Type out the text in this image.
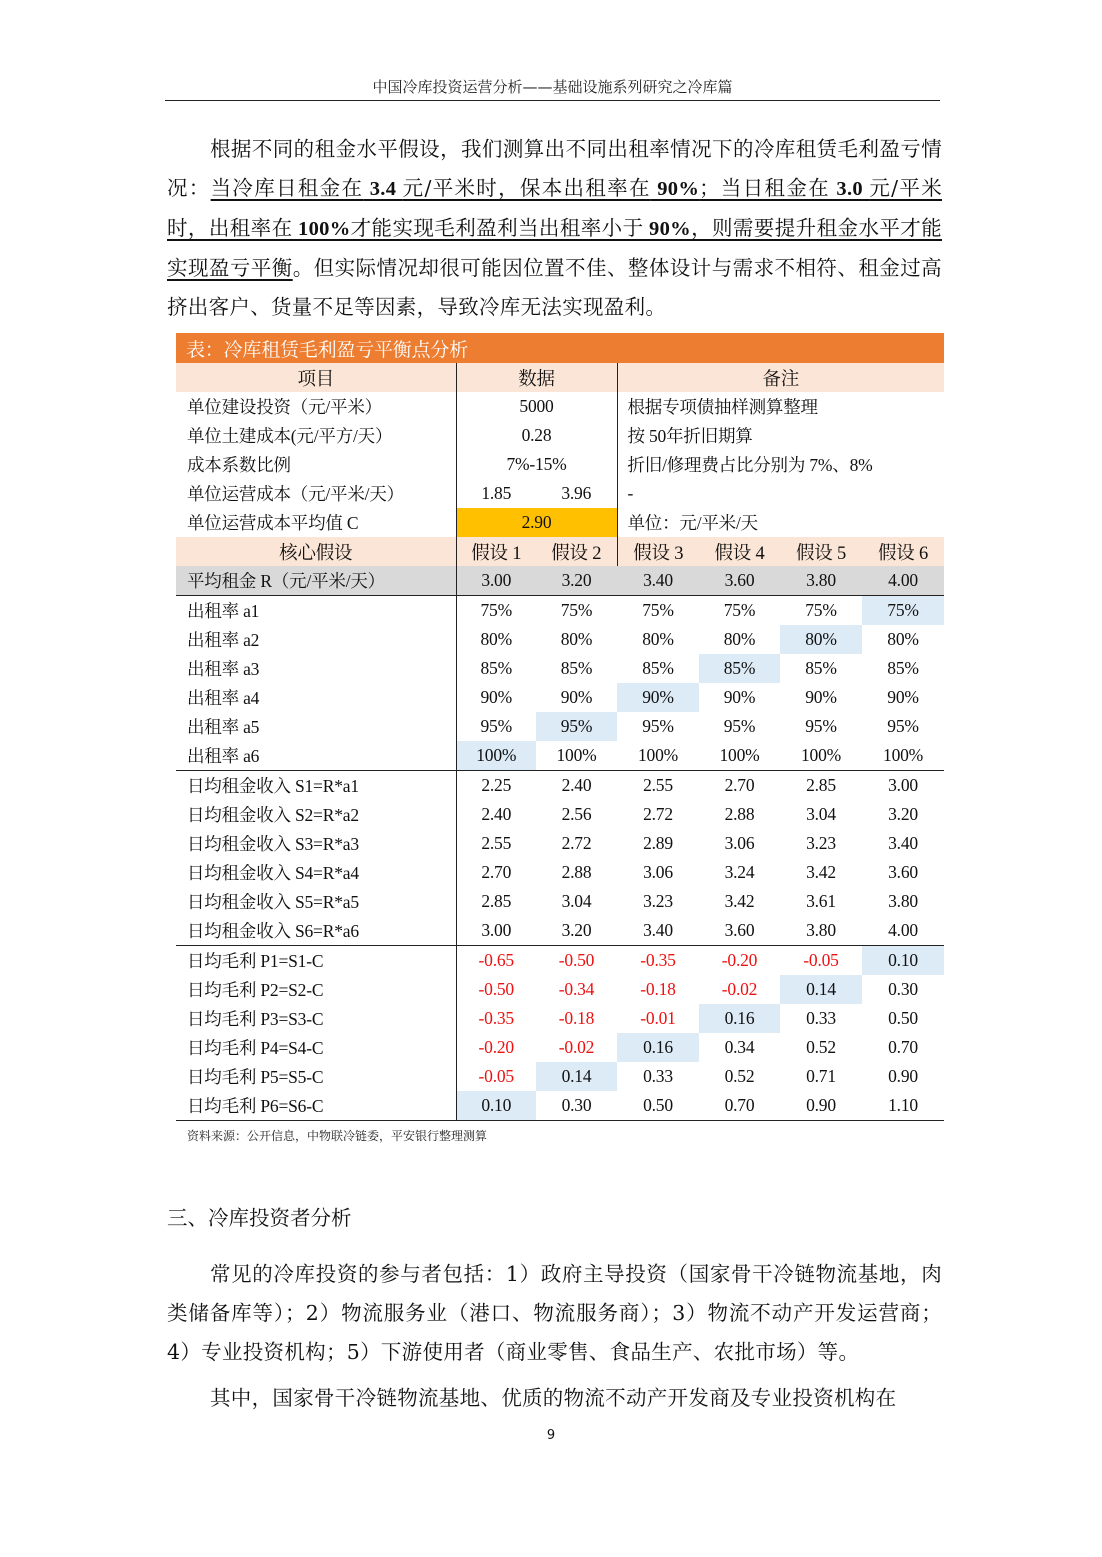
中国冷库投资运营分析——基础设施系列研究之冷库篇

根据不同的租金水平假设，我们测算出不同出租率情况下的冷库租赁毛利盈亏情况：当冷库日租金在 3.4 元/平米时，保本出租率在 90%；当日租金在 3.0 元/平米时，出租率在 100%才能实现毛利盈利当出租率小于 90%，则需要提升租金水平才能实现盈亏平衡。但实际情况却很可能因位置不佳、整体设计与需求不相符、租金过高挤出客户、货量不足等因素，导致冷库无法实现盈利。

表：冷库租赁毛利盈亏平衡点分析						
项目	数据		备注			
单位建设投资（元/平米）	5000		根据专项债抽样测算整理			
单位土建成本(元/平方/天）	0.28		按 50年折旧期算			
成本系数比例	7%-15%		折旧/修理费占比分别为 7%、8%			
单位运营成本（元/平米/天）	1.85	3.96	-			
单位运营成本平均值 C	2.90		单位：元/平米/天			
核心假设	假设 1	假设 2	假设 3	假设 4	假设 5	假设 6
平均租金 R（元/平米/天）	3.00	3.20	3.40	3.60	3.80	4.00
出租率 a1	75%	75%	75%	75%	75%	75%
出租率 a2	80%	80%	80%	80%	80%	80%
出租率 a3	85%	85%	85%	85%	85%	85%
出租率 a4	90%	90%	90%	90%	90%	90%
出租率 a5	95%	95%	95%	95%	95%	95%
出租率 a6	100%	100%	100%	100%	100%	100%
日均租金收入 S1=R*a1	2.25	2.40	2.55	2.70	2.85	3.00
日均租金收入 S2=R*a2	2.40	2.56	2.72	2.88	3.04	3.20
日均租金收入 S3=R*a3	2.55	2.72	2.89	3.06	3.23	3.40
日均租金收入 S4=R*a4	2.70	2.88	3.06	3.24	3.42	3.60
日均租金收入 S5=R*a5	2.85	3.04	3.23	3.42	3.61	3.80
日均租金收入 S6=R*a6	3.00	3.20	3.40	3.60	3.80	4.00
日均毛利 P1=S1-C	-0.65	-0.50	-0.35	-0.20	-0.05	0.10
日均毛利 P2=S2-C	-0.50	-0.34	-0.18	-0.02	0.14	0.30
日均毛利 P3=S3-C	-0.35	-0.18	-0.01	0.16	0.33	0.50
日均毛利 P4=S4-C	-0.20	-0.02	0.16	0.34	0.52	0.70
日均毛利 P5=S5-C	-0.05	0.14	0.33	0.52	0.71	0.90
日均毛利 P6=S6-C	0.10	0.30	0.50	0.70	0.90	1.10
资料来源：公开信息，中物联冷链委，平安银行整理测算
三、冷库投资者分析

常见的冷库投资的参与者包括：1）政府主导投资（国家骨干冷链物流基地，肉类储备库等）；2）物流服务业（港口、物流服务商）；3）物流不动产开发运营商；4）专业投资机构；5）下游使用者（商业零售、食品生产、农批市场）等。

其中，国家骨干冷链物流基地、优质的物流不动产开发商及专业投资机构在

9
